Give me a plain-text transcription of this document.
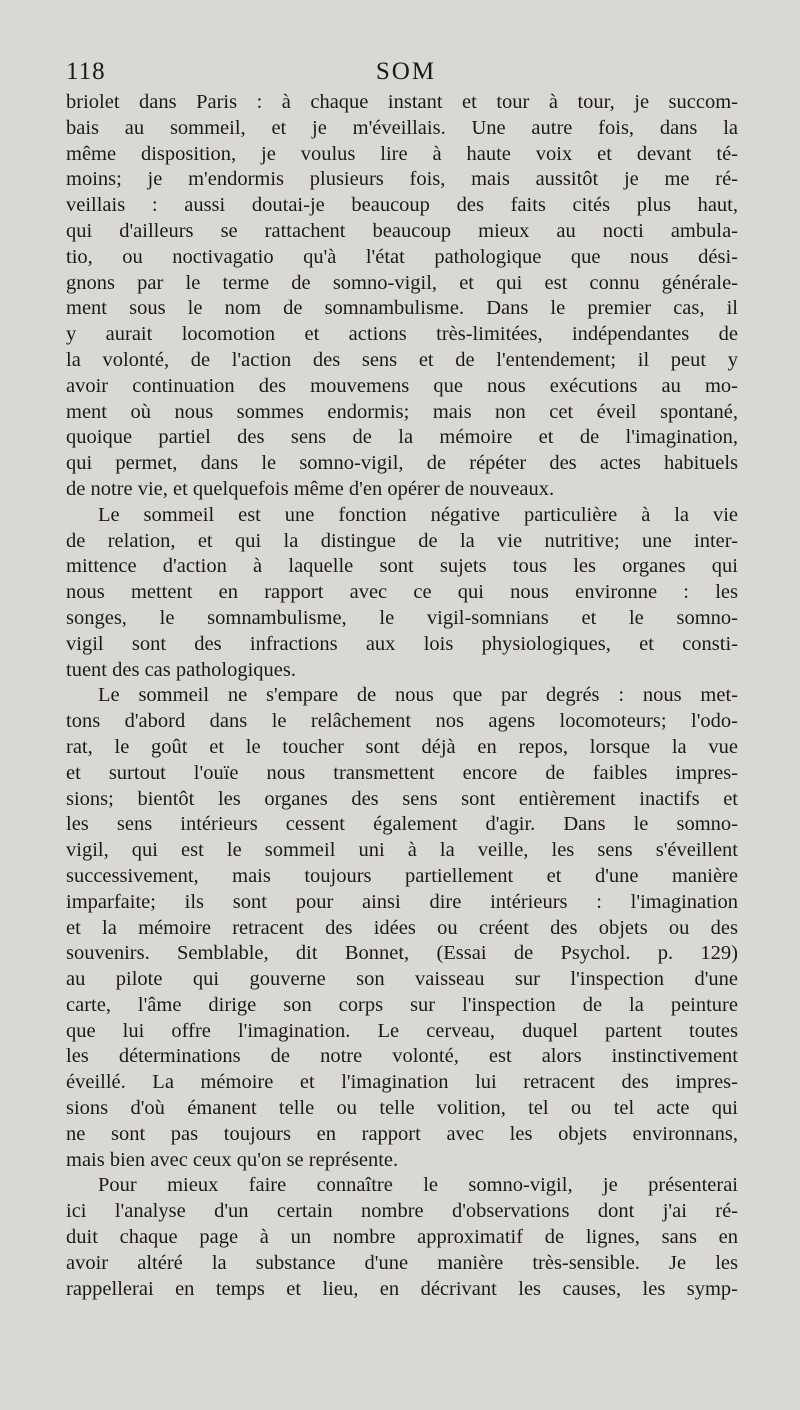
118	SOM
briolet dans Paris : à chaque instant et tour à tour, je succom-
bais au sommeil, et je m'éveillais. Une autre fois, dans la
même disposition, je voulus lire à haute voix et devant té-
moins; je m'endormis plusieurs fois, mais aussitôt je me ré-
veillais : aussi doutai-je beaucoup des faits cités plus haut,
qui d'ailleurs se rattachent beaucoup mieux au nocti ambula-
tio, ou noctivagatio qu'à l'état pathologique que nous dési-
gnons par le terme de somno-vigil, et qui est connu générale-
ment sous le nom de somnambulisme. Dans le premier cas, il
y aurait locomotion et actions très-limitées, indépendantes de
la volonté, de l'action des sens et de l'entendement; il peut y
avoir continuation des mouvemens que nous exécutions au mo-
ment où nous sommes endormis; mais non cet éveil spontané,
quoique partiel des sens de la mémoire et de l'imagination,
qui permet, dans le somno-vigil, de répéter des actes habituels
de notre vie, et quelquefois même d'en opérer de nouveaux.
Le sommeil est une fonction négative particulière à la vie
de relation, et qui la distingue de la vie nutritive; une inter-
mittence d'action à laquelle sont sujets tous les organes qui
nous mettent en rapport avec ce qui nous environne : les
songes, le somnambulisme, le vigil-somnians et le somno-
vigil sont des infractions aux lois physiologiques, et consti-
tuent des cas pathologiques.
Le sommeil ne s'empare de nous que par degrés : nous met-
tons d'abord dans le relâchement nos agens locomoteurs; l'odo-
rat, le goût et le toucher sont déjà en repos, lorsque la vue
et surtout l'ouïe nous transmettent encore de faibles impres-
sions; bientôt les organes des sens sont entièrement inactifs et
les sens intérieurs cessent également d'agir. Dans le somno-
vigil, qui est le sommeil uni à la veille, les sens s'éveillent
successivement, mais toujours partiellement et d'une manière
imparfaite; ils sont pour ainsi dire intérieurs : l'imagination
et la mémoire retracent des idées ou créent des objets ou des
souvenirs. Semblable, dit Bonnet, (Essai de Psychol. p. 129)
au pilote qui gouverne son vaisseau sur l'inspection d'une
carte, l'âme dirige son corps sur l'inspection de la peinture
que lui offre l'imagination. Le cerveau, duquel partent toutes
les déterminations de notre volonté, est alors instinctivement
éveillé. La mémoire et l'imagination lui retracent des impres-
sions d'où émanent telle ou telle volition, tel ou tel acte qui
ne sont pas toujours en rapport avec les objets environnans,
mais bien avec ceux qu'on se représente.
Pour mieux faire connaître le somno-vigil, je présenterai
ici l'analyse d'un certain nombre d'observations dont j'ai ré-
duit chaque page à un nombre approximatif de lignes, sans en
avoir altéré la substance d'une manière très-sensible. Je les
rappellerai en temps et lieu, en décrivant les causes, les symp-
